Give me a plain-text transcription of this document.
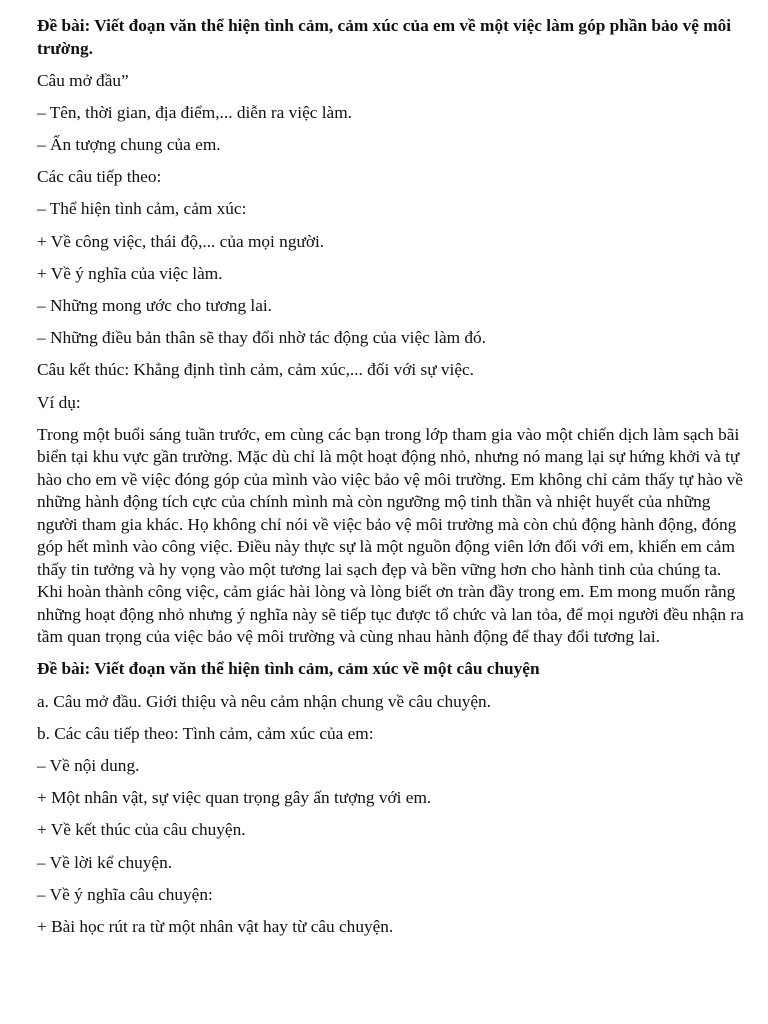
Đề bài: Viết đoạn văn thể hiện tình cảm, cảm xúc của em về một việc làm góp phần bảo vệ môi trường.

Câu mở đầu”

– Tên, thời gian, địa điểm,... diễn ra việc làm.

– Ấn tượng chung của em.

Các câu tiếp theo:

– Thể hiện tình cảm, cảm xúc:

+ Về công việc, thái độ,... của mọi người.

+ Về ý nghĩa của việc làm.

– Những mong ước cho tương lai.

– Những điều bản thân sẽ thay đổi nhờ tác động của việc làm đó.

Câu kết thúc: Khẳng định tình cảm, cảm xúc,... đối với sự việc.

Ví dụ:

Trong một buổi sáng tuần trước, em cùng các bạn trong lớp tham gia vào một chiến dịch làm sạch bãi biển tại khu vực gần trường. Mặc dù chỉ là một hoạt động nhỏ, nhưng nó mang lại sự hứng khởi và tự hào cho em về việc đóng góp của mình vào việc bảo vệ môi trường. Em không chỉ cảm thấy tự hào về những hành động tích cực của chính mình mà còn ngưỡng mộ tinh thần và nhiệt huyết của những người tham gia khác. Họ không chỉ nói về việc bảo vệ môi trường mà còn chủ động hành động, đóng góp hết mình vào công việc. Điều này thực sự là một nguồn động viên lớn đối với em, khiến em cảm thấy tin tưởng và hy vọng vào một tương lai sạch đẹp và bền vững hơn cho hành tinh của chúng ta. Khi hoàn thành công việc, cảm giác hài lòng và lòng biết ơn tràn đầy trong em. Em mong muốn rằng những hoạt động nhỏ nhưng ý nghĩa này sẽ tiếp tục được tổ chức và lan tỏa, để mọi người đều nhận ra tầm quan trọng của việc bảo vệ môi trường và cùng nhau hành động để thay đổi tương lai.

Đề bài: Viết đoạn văn thể hiện tình cảm, cảm xúc về một câu chuyện

a. Câu mở đầu. Giới thiệu và nêu cảm nhận chung về câu chuyện.

b. Các câu tiếp theo: Tình cảm, cảm xúc của em:

– Về nội dung.

+ Một nhân vật, sự việc quan trọng gây ấn tượng với em.

+ Về kết thúc của câu chuyện.

– Về lời kể chuyện.

– Về ý nghĩa câu chuyện:

+ Bài học rút ra từ một nhân vật hay từ câu chuyện.
